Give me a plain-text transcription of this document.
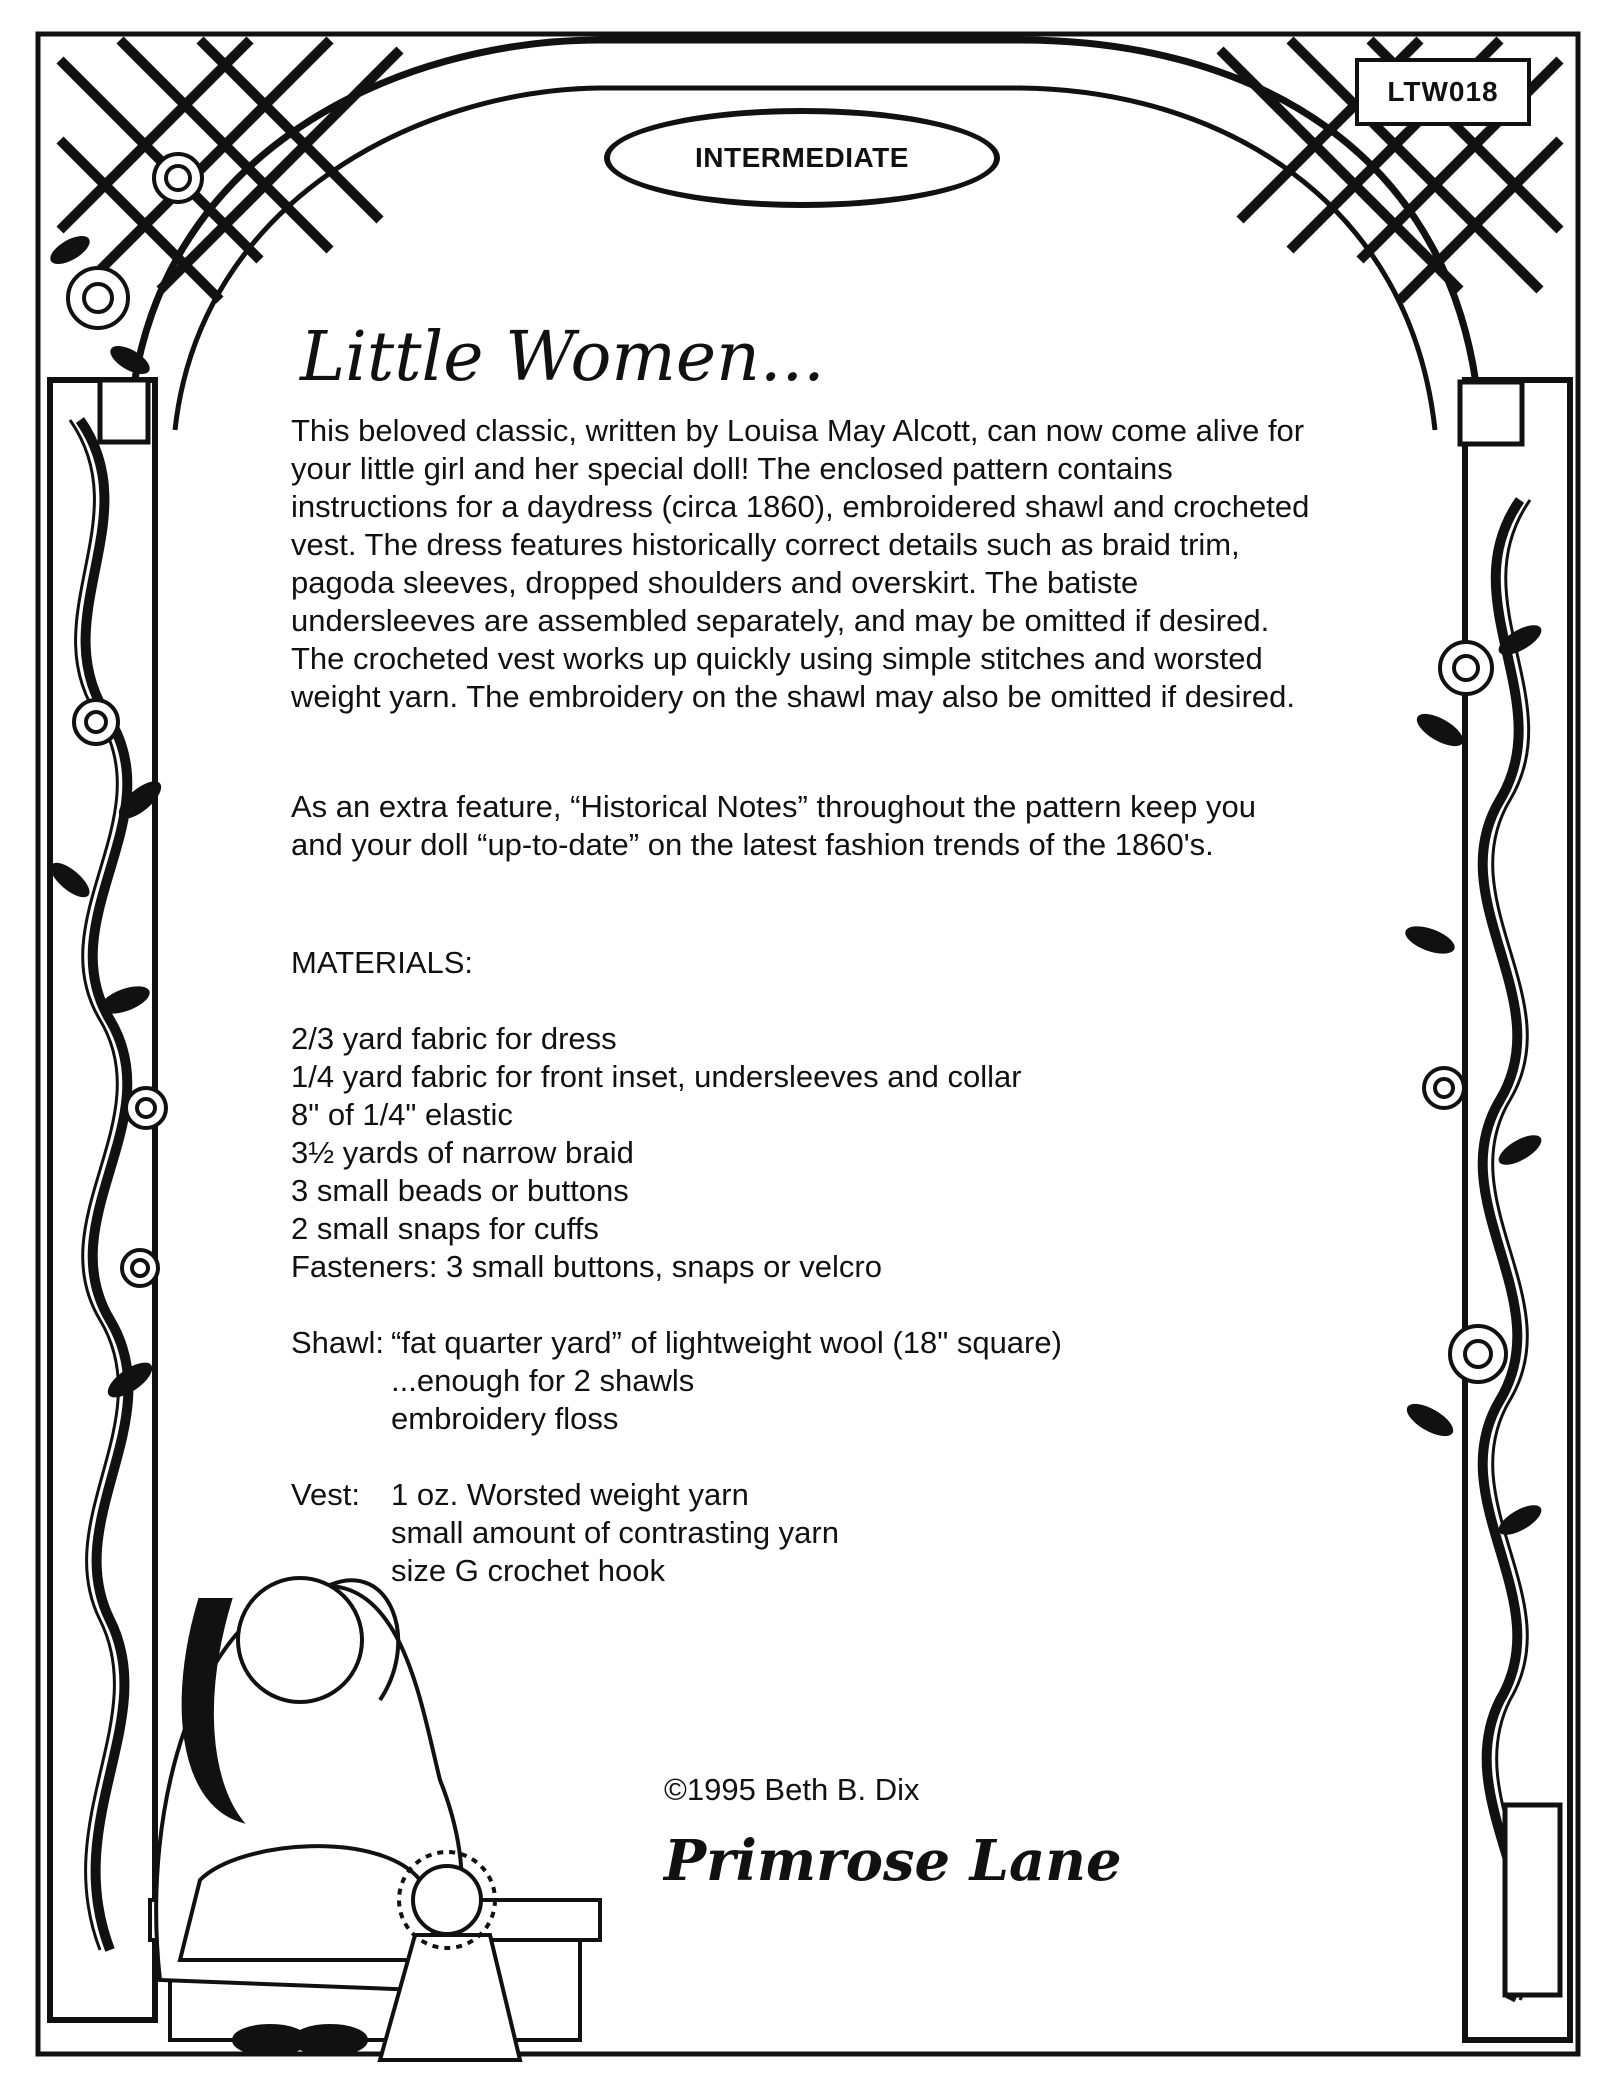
LTW018
INTERMEDIATE
Little Women...
This beloved classic, written by Louisa May Alcott, can now come alive for your little girl and her special doll! The enclosed pattern contains instructions for a daydress (circa 1860), embroidered shawl and crocheted vest. The dress features historically correct details such as braid trim, pagoda sleeves, dropped shoulders and overskirt. The batiste undersleeves are assembled separately, and may be omitted if desired. The crocheted vest works up quickly using simple stitches and worsted weight yarn. The embroidery on the shawl may also be omitted if desired.
As an extra feature, “Historical Notes” throughout the pattern keep you and your doll “up-to-date” on the latest fashion trends of the 1860's.
MATERIALS:
2/3 yard fabric for dress
1/4 yard fabric for front inset, undersleeves and collar
8" of 1/4" elastic
3½ yards of narrow braid
3 small beads or buttons
2 small snaps for cuffs
Fasteners: 3 small buttons, snaps or velcro
Shawl: “fat quarter yard” of lightweight wool (18" square)
...enough for 2 shawls
embroidery floss
Vest:	1 oz. Worsted weight yarn
small amount of contrasting yarn
size G crochet hook
©1995 Beth B. Dix
Primrose Lane
